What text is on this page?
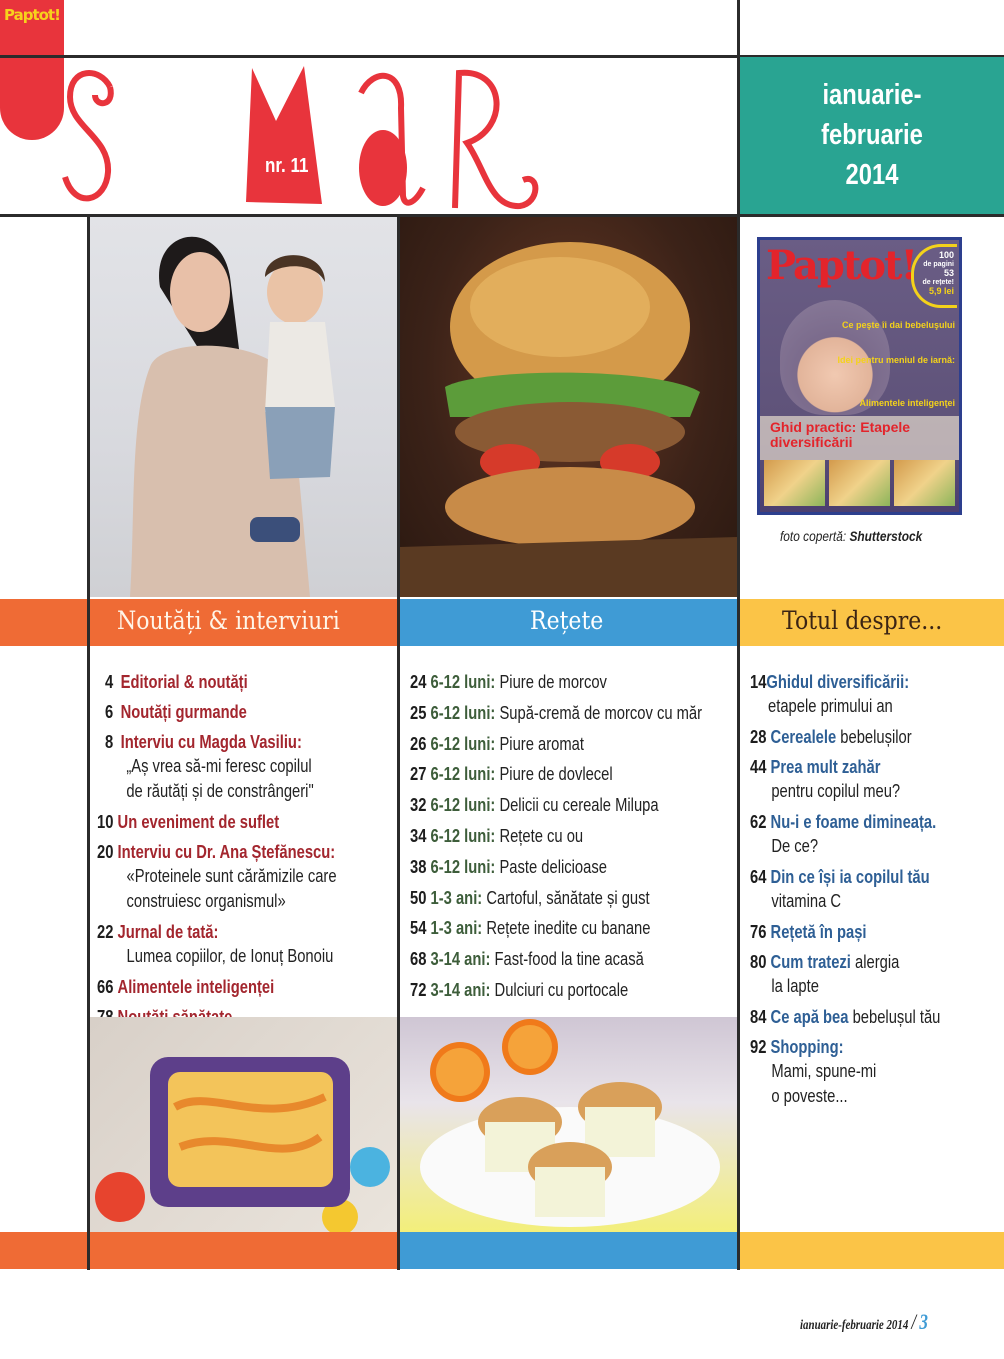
Paptot!
nr. 11
ianuarie-
februarie
2014
Paptot!	100
de pagini
53
de rețete!
5,9 lei
Ce peşte îi dai bebeluşului
Idei pentru meniul de iarnă:
Alimentele inteligenţei
Ghid practic: Etapele diversificării
foto copertă: Shutterstock
Noutăți & interviuri	Rețete	Totul despre...
4 Editorial & noutăți
6 Noutăți gurmande
8 Interviu cu Magda Vasiliu:
„Aș vrea să-mi feresc copilul
de răutăți și de constrângeri"
10 Un eveniment de suflet
20 Interviu cu Dr. Ana Ștefănescu:
«Proteinele sunt cărămizile care
construiesc organismul»
22 Jurnal de tată:
Lumea copiilor, de Ionuț Bonoiu
66 Alimentele inteligenței
24 6-12 luni: Piure de morcov
25 6-12 luni: Supă-cremă de morcov cu măr
26 6-12 luni: Piure aromat
27 6-12 luni: Piure de dovlecel
32 6-12 luni: Delicii cu cereale Milupa
34 6-12 luni: Rețete cu ou
38 6-12 luni: Paste delicioase
50 1-3 ani: Cartoful, sănătate și gust
54 1-3 ani: Rețete inedite cu banane
68 3-14 ani: Fast-food la tine acasă
72 3-14 ani: Dulciuri cu portocale
14Ghidul diversificării:
etapele primului an
28 Cerealele bebelușilor
44 Prea mult zahăr
pentru copilul meu?
62 Nu-i e foame dimineața.
De ce?
64 Din ce își ia copilul tău
vitamina C
76 Rețetă în pași
80 Cum tratezi alergia
la lapte
84 Ce apă bea bebelușul tău
92 Shopping:
Mami, spune-mi
o poveste...
ianuarie-februarie 2014 / 3
